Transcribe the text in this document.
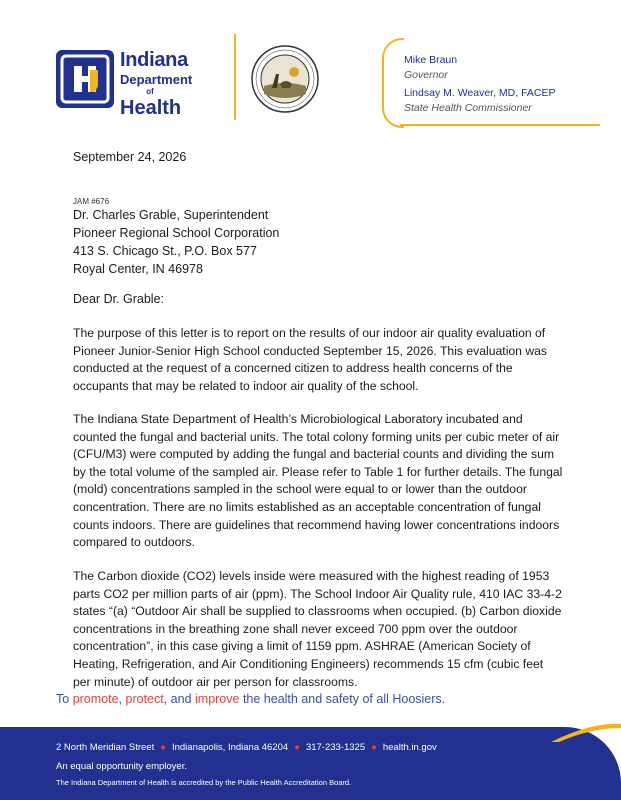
Indiana
Department
of
Health
Mike Braun
Governor
Lindsay M. Weaver, MD, FACEP
State Health Commissioner
September 24, 2026
JAM #676
Dr. Charles Grable, Superintendent
Pioneer Regional School Corporation
413 S. Chicago St., P.O. Box 577
Royal Center, IN 46978
Dear Dr. Grable:

The purpose of this letter is to report on the results of our indoor air quality evaluation of Pioneer Junior-Senior High School conducted September 15, 2026. This evaluation was conducted at the request of a concerned citizen to address health concerns of the occupants that may be related to indoor air quality of the school.

The Indiana State Department of Health’s Microbiological Laboratory incubated and counted the fungal and bacterial units. The total colony forming units per cubic meter of air (CFU/M3) were computed by adding the fungal and bacterial counts and dividing the sum by the total volume of the sampled air. Please refer to Table 1 for further details. The fungal (mold) concentrations sampled in the school were equal to or lower than the outdoor concentration. There are no limits established as an acceptable concentration of fungal counts indoors. There are guidelines that recommend having lower concentrations indoors compared to outdoors.

The Carbon dioxide (CO2) levels inside were measured with the highest reading of 1953 parts CO2 per million parts of air (ppm). The School Indoor Air Quality rule, 410 IAC 33-4-2 states “(a) “Outdoor Air shall be supplied to classrooms when occupied. (b) Carbon dioxide concentrations in the breathing zone shall never exceed 700 ppm over the outdoor concentration”, in this case giving a limit of 1159 ppm. ASHRAE (American Society of Heating, Refrigeration, and Air Conditioning Engineers) recommends 15 cfm (cubic feet per minute) of outdoor air per person for classrooms.

To promote, protect, and improve the health and safety of all Hoosiers.
2 North Meridian Street ● Indianapolis, Indiana 46204 ● 317-233-1325 ● health.in.gov
An equal opportunity employer.
The Indiana Department of Health is accredited by the Public Health Accreditation Board.
